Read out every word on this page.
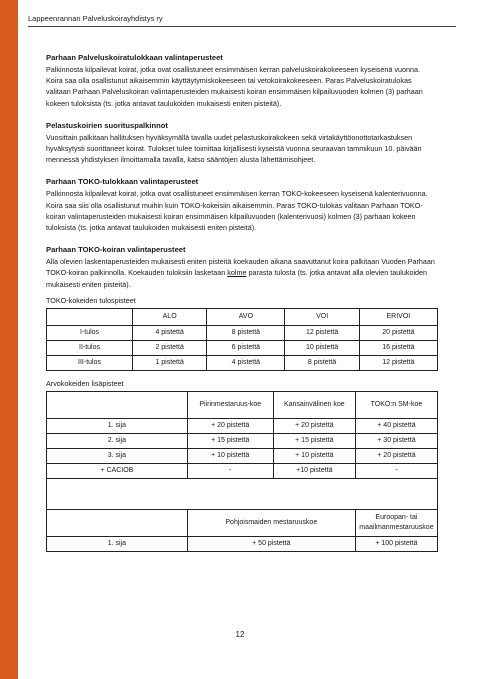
Lappeenrannan Palveluskoirayhdistys ry
Parhaan Palveluskoiratulokkaan valintaperusteet

Palkinnosta kilpailevat koirat, jotka ovat osallistuneet ensimmäisen kerran palveluskoirakokeeseen kyseisenä vuonna. Koira saa olla osallistunut aikaisemmin käyttäytymiskokeeseen tai vetokoirakokeeseen. Paras Palveluskoiratulokas valitaan Parhaan Palveluskoiran valintaperusteiden mukaisesti koiran ensimmäisen kilpailuvuoden kolmen (3) parhaan kokeen tuloksista (ts. jotka antavat taulukoiden mukaisesti eniten pisteitä).

Pelastuskoirien suorituspalkinnot

Vuosittain palkitaan hallituksen hyväksymällä tavalla uudet pelastuskoirakokeen sekä virtakäyttöonottotarkastuksen hyväksytysti suorittaneet koirat. Tulokset tulee toimittaa kirjallisesti kyseistä vuonna seuraavan tammikuun 10. päivään mennessä yhdistyksen ilmoittamalla tavalla, katso sääntöjen alusta lähettämisohjeet.

Parhaan TOKO-tulokkaan valintaperusteet

Palkinnosta kilpailevat koirat, jotka ovat osallistuneet ensimmäisen kerran TOKO-kokeeseen kyseisenä kalenterivuonna. Koira saa siis olla osallistunut muihin kuin TOKO-kokeisiin aikaisemmin. Paras TOKO-tulokas valitaan Parhaan TOKO-koiran valintaperusteiden mukaisesti koiran ensimmäisen kilpailuvuoden (kalenterivuosi) kolmen (3) parhaan kokeen tuloksista (ts. jotka antavat taulukoiden mukaisesti eniten pisteitä).

Parhaan TOKO-koiran valintaperusteet

Alla olevien laskentaperusteiden mukaisesti eniten pisteitä koekauden aikana saavuttanut koira palkitaan Vuoden Parhaan TOKO-koiran palkinnolla. Koekauden tuloksiin lasketaan kolme parasta tulosta (ts. jotka antavat alla olevien taulukoiden mukaisesti eniten pisteitä).

TOKO-kokeiden tulospisteet
	ALO	AVO	VOI	ERIVOI
I-tulos	4 pistettä	8 pistettä	12 pistettä	20 pistettä
II-tulos	2 pistettä	6 pistettä	10 pistettä	16 pistettä
III-tulos	1 pistettä	4 pistettä	8 pistettä	12 pistettä
Arvokokeiden lisäpisteet
	Piirinmestaruus-koe	Kansainvälinen koe	TOKO:n SM-koe
1. sija	+ 20 pistettä	+ 20 pistettä	+ 40 pistettä
2. sija	+ 15 pistettä	+ 15 pistettä	+ 30 pistettä
3. sija	+ 10 pistettä	+ 10 pistettä	+ 20 pistettä
+ CACIOB	-	+10 pistettä	-

	Pohjoismaiden mestaruuskoe		Euroopan- tai maailmanmestaruuskoe
1. sija	+ 50 pistettä		+ 100 pistettä
12
